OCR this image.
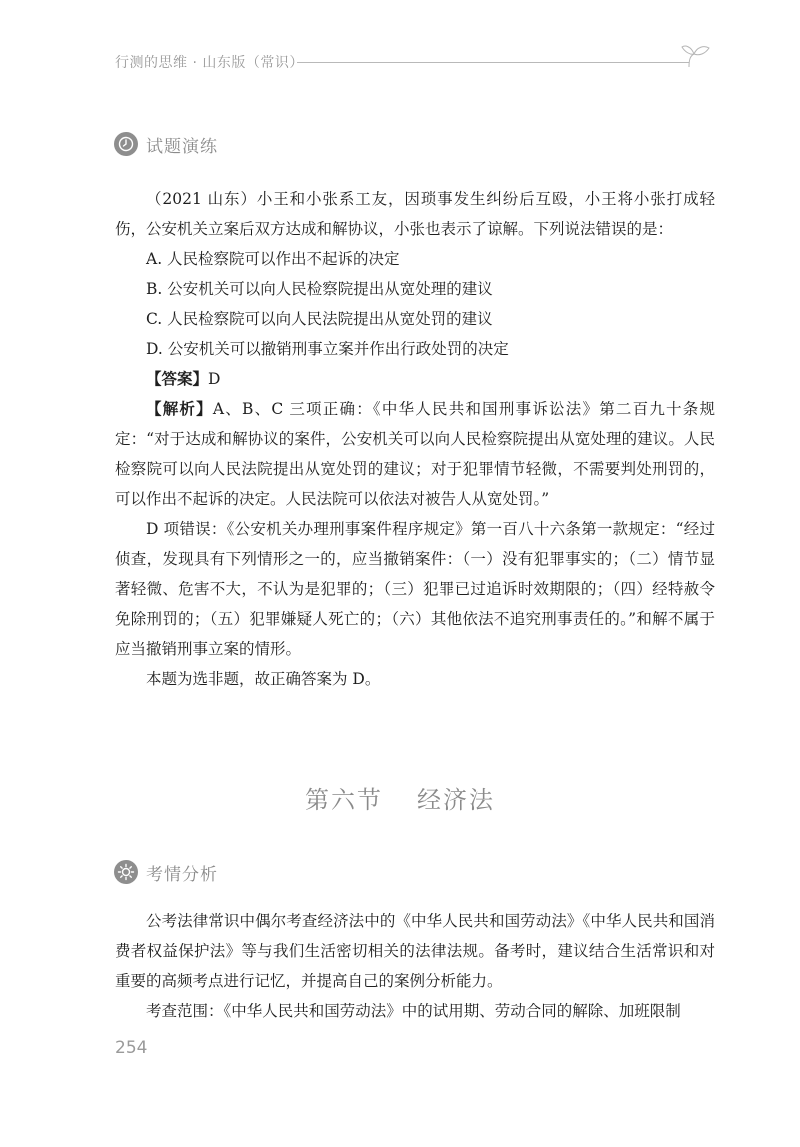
行测的思维 · 山东版（常识）
试题演练

（2021 山东）小王和小张系工友，因琐事发生纠纷后互殴，小王将小张打成轻伤，公安机关立案后双方达成和解协议，小张也表示了谅解。下列说法错误的是：

A. 人民检察院可以作出不起诉的决定

B. 公安机关可以向人民检察院提出从宽处理的建议

C. 人民检察院可以向人民法院提出从宽处罚的建议

D. 公安机关可以撤销刑事立案并作出行政处罚的决定

【答案】D

【解析】A、B、C 三项正确：《中华人民共和国刑事诉讼法》第二百九十条规定：“对于达成和解协议的案件，公安机关可以向人民检察院提出从宽处理的建议。人民检察院可以向人民法院提出从宽处罚的建议；对于犯罪情节轻微，不需要判处刑罚的，可以作出不起诉的决定。人民法院可以依法对被告人从宽处罚。”

D 项错误：《公安机关办理刑事案件程序规定》第一百八十六条第一款规定：“经过侦查，发现具有下列情形之一的，应当撤销案件：（一）没有犯罪事实的；（二）情节显著轻微、危害不大，不认为是犯罪的；（三）犯罪已过追诉时效期限的；（四）经特赦令免除刑罚的；（五）犯罪嫌疑人死亡的；（六）其他依法不追究刑事责任的。”和解不属于应当撤销刑事立案的情形。

本题为选非题，故正确答案为 D。

第六节 经济法
考情分析

公考法律常识中偶尔考查经济法中的《中华人民共和国劳动法》《中华人民共和国消费者权益保护法》等与我们生活密切相关的法律法规。备考时，建议结合生活常识和对重要的高频考点进行记忆，并提高自己的案例分析能力。

考查范围：《中华人民共和国劳动法》中的试用期、劳动合同的解除、加班限制

254
